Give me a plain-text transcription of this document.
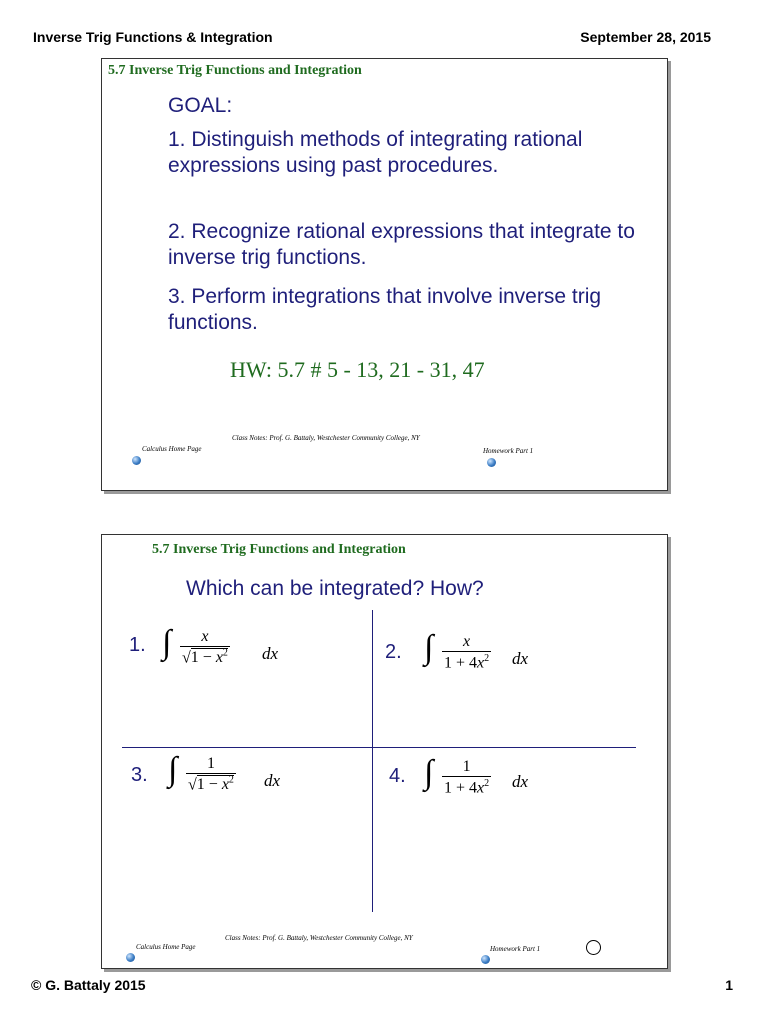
Inverse Trig Functions & Integration	September 28, 2015
5.7 Inverse Trig Functions and Integration
GOAL:
1. Distinguish methods of integrating rational expressions using past procedures.
2. Recognize rational expressions that integrate to inverse trig functions.
3. Perform integrations that involve inverse trig functions.
HW: 5.7 # 5 - 13, 21 - 31, 47
Class Notes: Prof. G. Battaly, Westchester Community College, NY
Calculus Home Page	Homework Part 1
5.7 Inverse Trig Functions and Integration
Which can be integrated? How?
1. ∫ $\frac{x}{√1 - x^2}$ dx	2. ∫ $\frac{x}{1 + 4x^2}$ dx
3. ∫ $\frac{1}{√1 - x^2}$ dx	4. ∫ $\frac{1}{1 + 4x^2}$ dx
Class Notes: Prof. G. Battaly, Westchester Community College, NY
Calculus Home Page	Homework Part 1
© G. Battaly 2015	1
